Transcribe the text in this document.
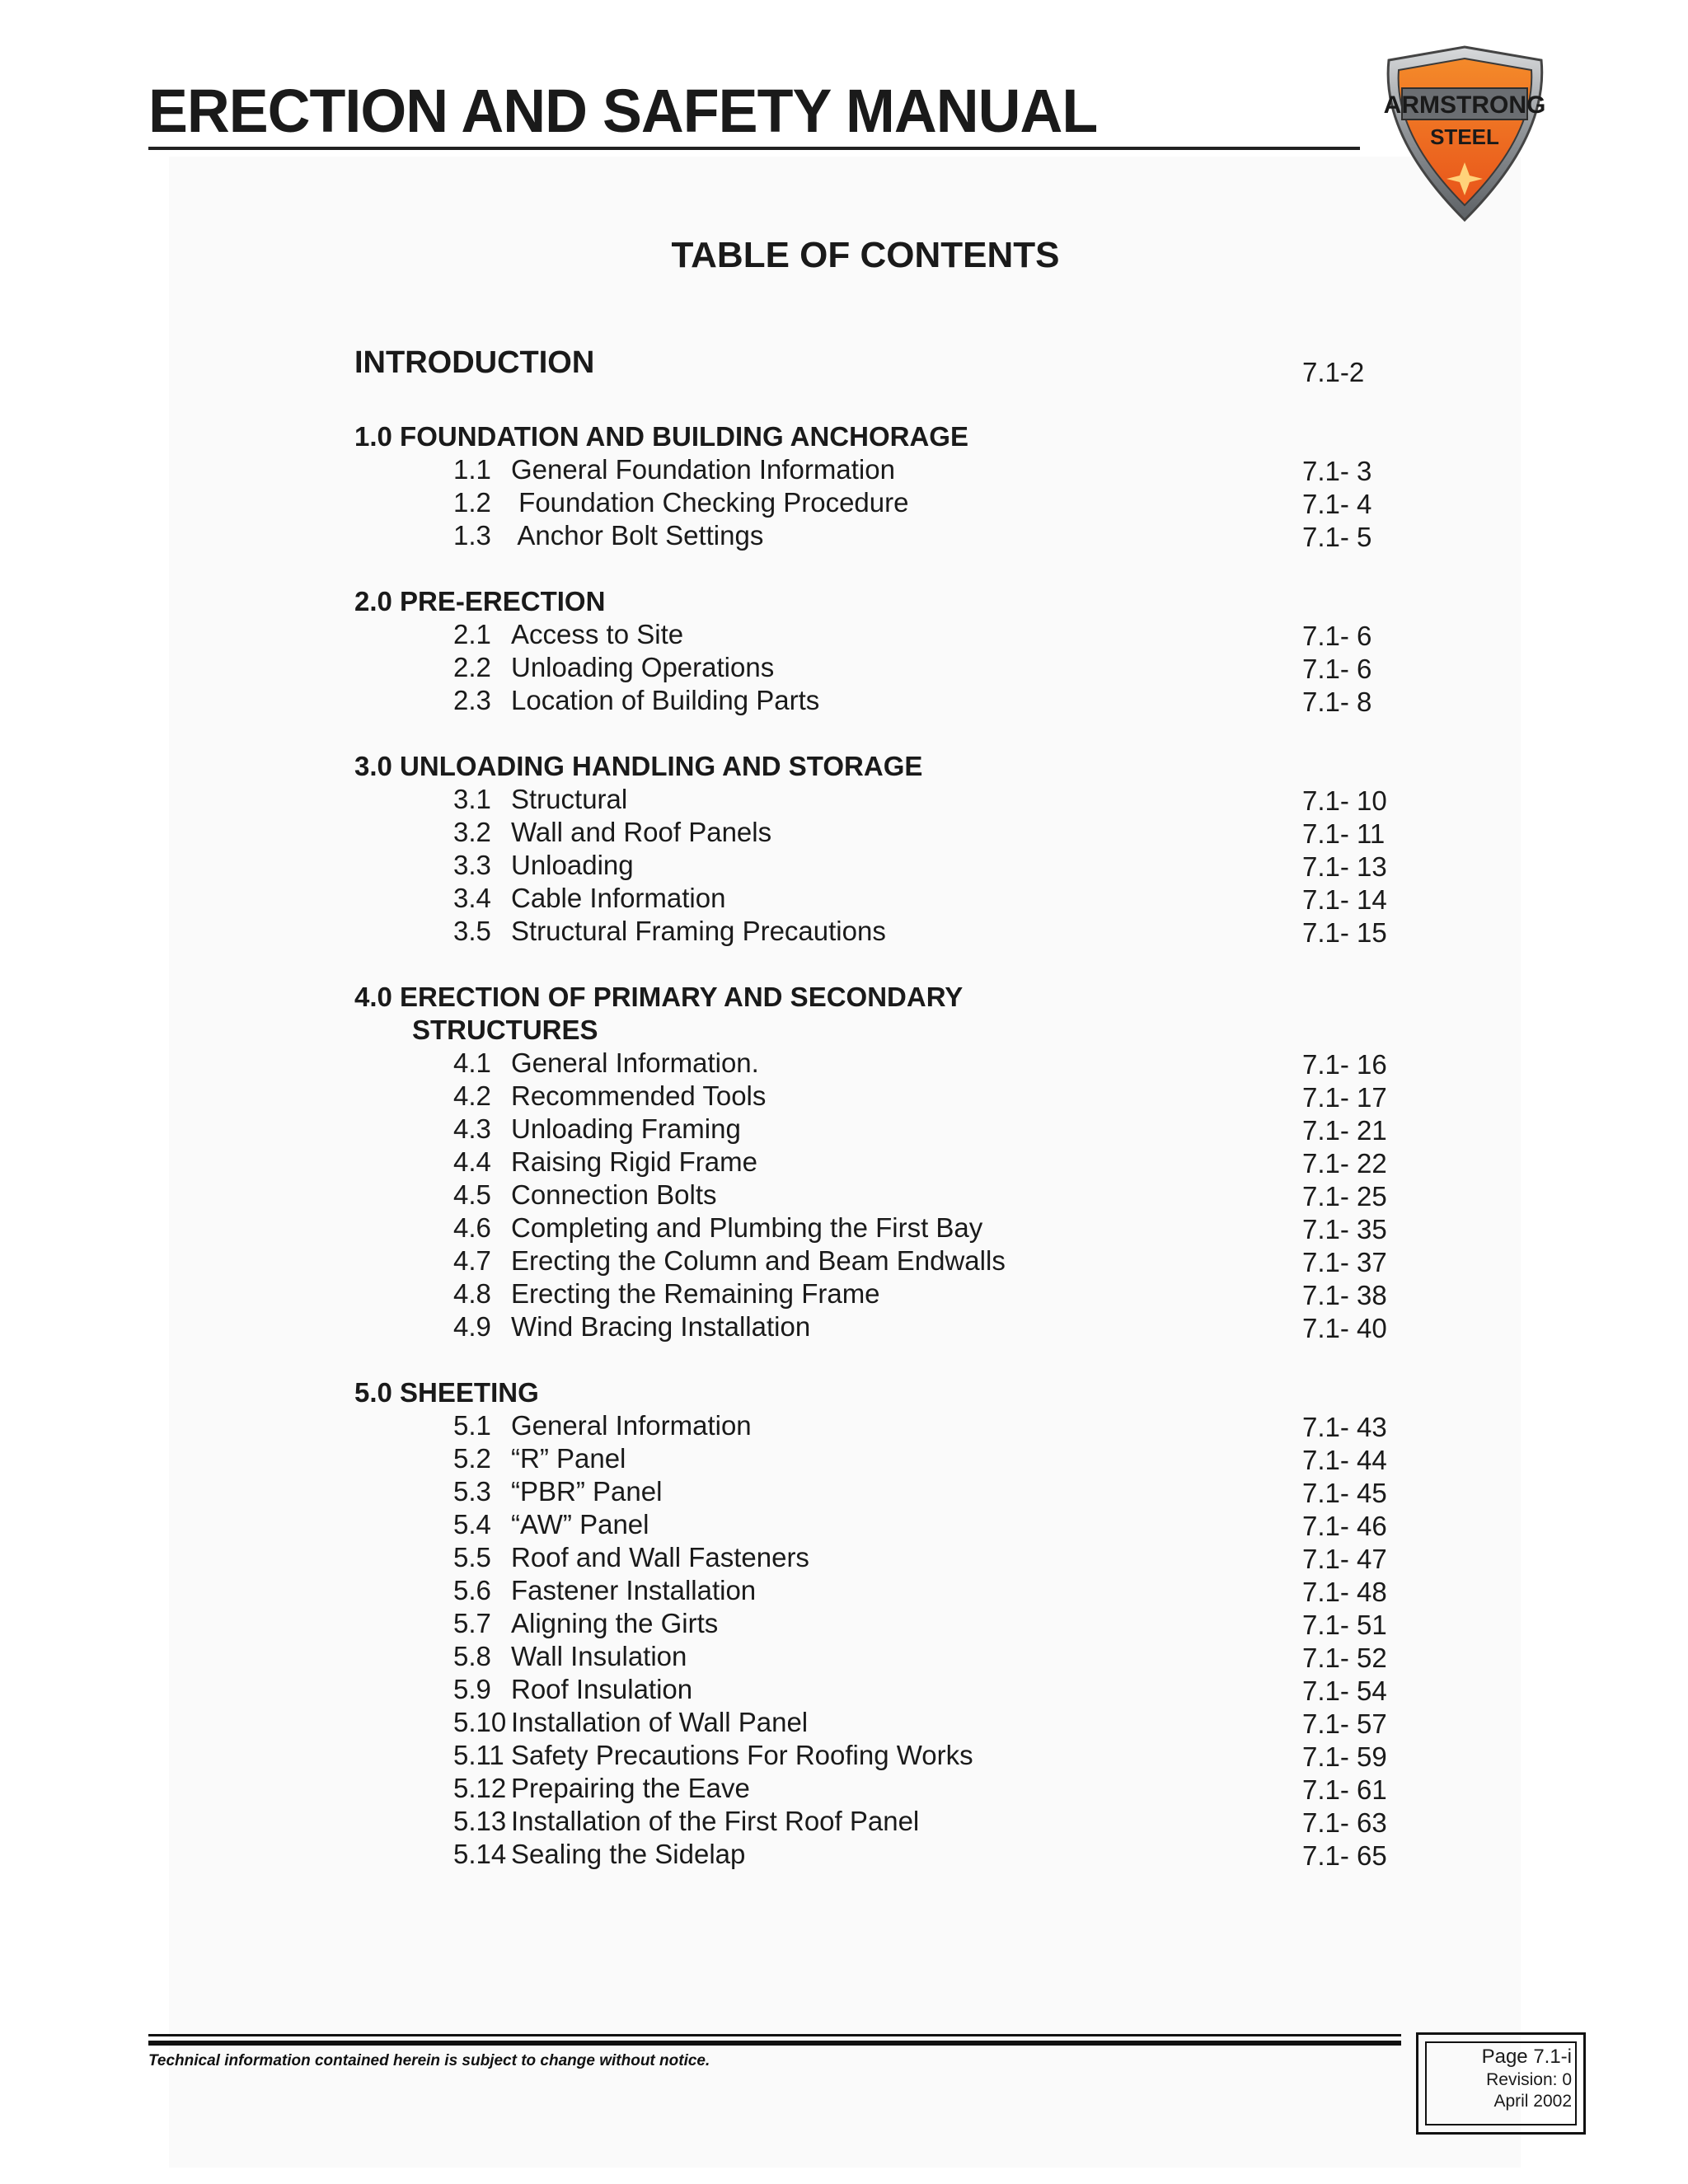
ERECTION AND SAFETY MANUAL	ARMSTRONG
STEEL
TABLE OF CONTENTS
INTRODUCTION	7.1-2
1.0 FOUNDATION AND BUILDING ANCHORAGE
1.1 General Foundation Information	7.1- 3
1.2 Foundation Checking Procedure	7.1- 4
1.3 Anchor Bolt Settings	7.1- 5
2.0 PRE-ERECTION
2.1 Access to Site	7.1- 6
2.2 Unloading Operations	7.1- 6
2.3 Location of Building Parts	7.1- 8
3.0 UNLOADING HANDLING AND STORAGE
3.1 Structural	7.1- 10
3.2 Wall and Roof Panels	7.1- 11
3.3 Unloading	7.1- 13
3.4 Cable Information	7.1- 14
3.5 Structural Framing Precautions	7.1- 15
4.0 ERECTION OF PRIMARY AND SECONDARY
STRUCTURES
4.1 General Information.	7.1- 16
4.2 Recommended Tools	7.1- 17
4.3 Unloading Framing	7.1- 21
4.4 Raising Rigid Frame	7.1- 22
4.5 Connection Bolts	7.1- 25
4.6 Completing and Plumbing the First Bay	7.1- 35
4.7 Erecting the Column and Beam Endwalls	7.1- 37
4.8 Erecting the Remaining Frame	7.1- 38
4.9 Wind Bracing Installation	7.1- 40
5.0 SHEETING
5.1 General Information	7.1- 43
5.2 “R” Panel	7.1- 44
5.3 “PBR” Panel	7.1- 45
5.4 “AW” Panel	7.1- 46
5.5 Roof and Wall Fasteners	7.1- 47
5.6 Fastener Installation	7.1- 48
5.7 Aligning the Girts	7.1- 51
5.8 Wall Insulation	7.1- 52
5.9 Roof Insulation	7.1- 54
5.10 Installation of Wall Panel	7.1- 57
5.11 Safety Precautions For Roofing Works	7.1- 59
5.12 Prepairing the Eave	7.1- 61
5.13 Installation of the First Roof Panel	7.1- 63
5.14 Sealing the Sidelap	7.1- 65
Technical information contained herein is subject to change without notice.	Page 7.1-i
Revision: 0
April 2002
